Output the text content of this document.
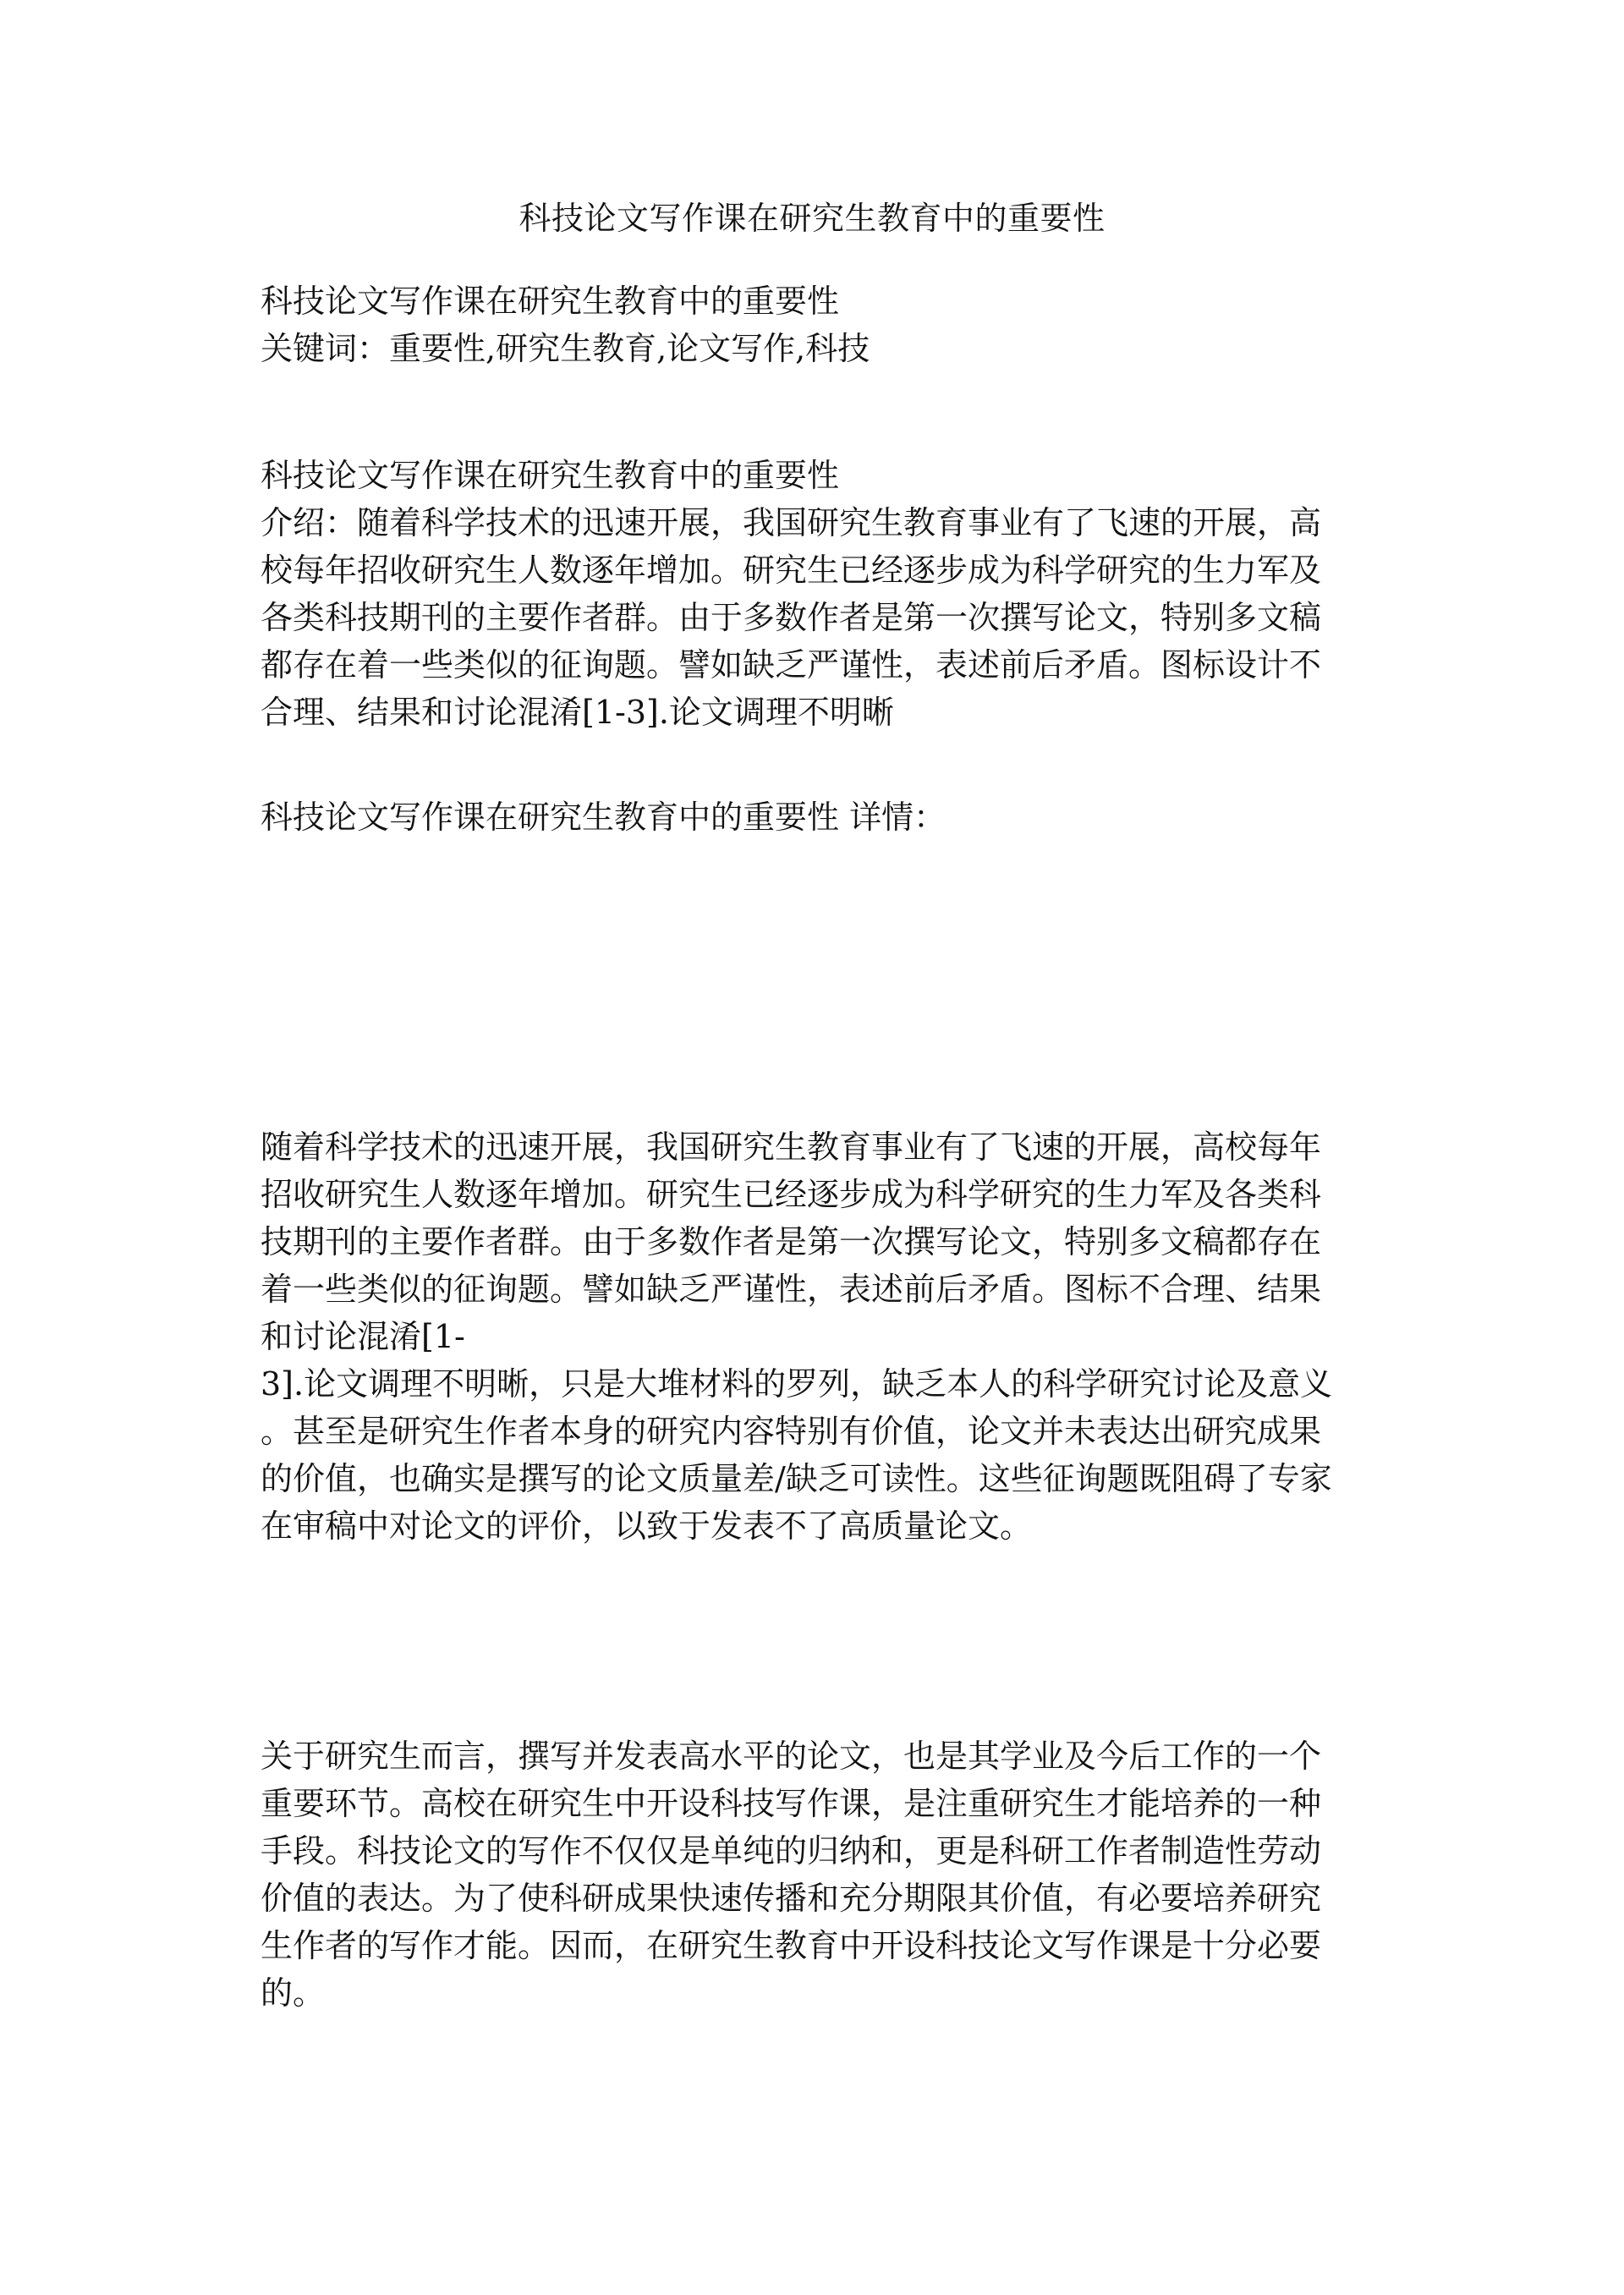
科技论文写作课在研究生教育中的重要性
科技论文写作课在研究生教育中的重要性
关键词：重要性,研究生教育,论文写作,科技
科技论文写作课在研究生教育中的重要性
介绍：随着科学技术的迅速开展，我国研究生教育事业有了飞速的开展，高
校每年招收研究生人数逐年增加。研究生已经逐步成为科学研究的生力军及
各类科技期刊的主要作者群。由于多数作者是第一次撰写论文，特别多文稿
都存在着一些类似的征询题。譬如缺乏严谨性，表述前后矛盾。图标设计不
合理、结果和讨论混淆[1-3].论文调理不明晰
科技论文写作课在研究生教育中的重要性 详情：
随着科学技术的迅速开展，我国研究生教育事业有了飞速的开展，高校每年
招收研究生人数逐年增加。研究生已经逐步成为科学研究的生力军及各类科
技期刊的主要作者群。由于多数作者是第一次撰写论文，特别多文稿都存在
着一些类似的征询题。譬如缺乏严谨性，表述前后矛盾。图标不合理、结果
和讨论混淆[1-
3].论文调理不明晰，只是大堆材料的罗列，缺乏本人的科学研究讨论及意义
。甚至是研究生作者本身的研究内容特别有价值，论文并未表达出研究成果
的价值，也确实是撰写的论文质量差/缺乏可读性。这些征询题既阻碍了专家
在审稿中对论文的评价，以致于发表不了高质量论文。
关于研究生而言，撰写并发表高水平的论文，也是其学业及今后工作的一个
重要环节。高校在研究生中开设科技写作课，是注重研究生才能培养的一种
手段。科技论文的写作不仅仅是单纯的归纳和，更是科研工作者制造性劳动
价值的表达。为了使科研成果快速传播和充分期限其价值，有必要培养研究
生作者的写作才能。因而，在研究生教育中开设科技论文写作课是十分必要
的。
